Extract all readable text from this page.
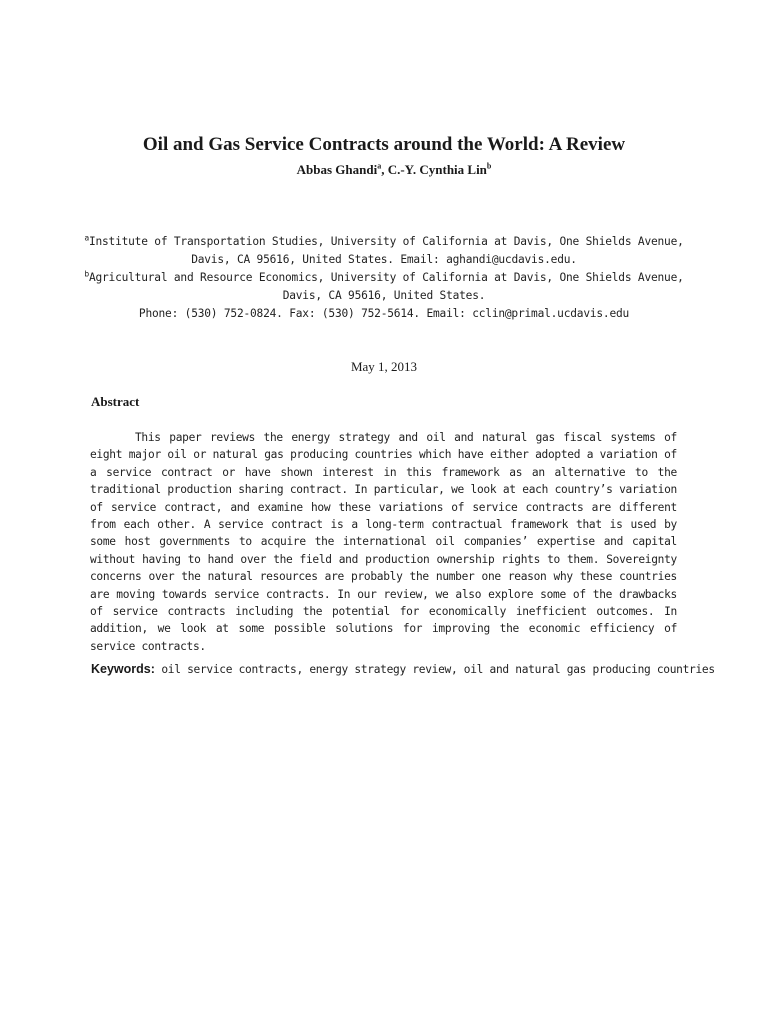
Oil and Gas Service Contracts around the World: A Review
Abbas Ghandi$^a$, C.-Y. Cynthia Lin$^b$
$^a$Institute of Transportation Studies, University of California at Davis, One Shields Avenue,
Davis, CA 95616, United States. Email: aghandi@ucdavis.edu.
$^b$Agricultural and Resource Economics, University of California at Davis, One Shields Avenue,
Davis, CA 95616, United States.
Phone: (530) 752-0824. Fax: (530) 752-5614. Email: cclin@primal.ucdavis.edu
May 1, 2013
Abstract
This paper reviews the energy strategy and oil and natural gas fiscal systems of eight major oil or natural gas producing countries which have either adopted a variation of a service contract or have shown interest in this framework as an alternative to the traditional production sharing contract. In particular, we look at each country’s variation of service contract, and examine how these variations of service contracts are different from each other. A service contract is a long-term contractual framework that is used by some host governments to acquire the international oil companies’ expertise and capital without having to hand over the field and production ownership rights to them. Sovereignty concerns over the natural resources are probably the number one reason why these countries are moving towards service contracts. In our review, we also explore some of the drawbacks of service contracts including the potential for economically inefficient outcomes. In addition, we look at some possible solutions for improving the economic efficiency of service contracts.
Keywords: oil service contracts, energy strategy review, oil and natural gas producing countries
